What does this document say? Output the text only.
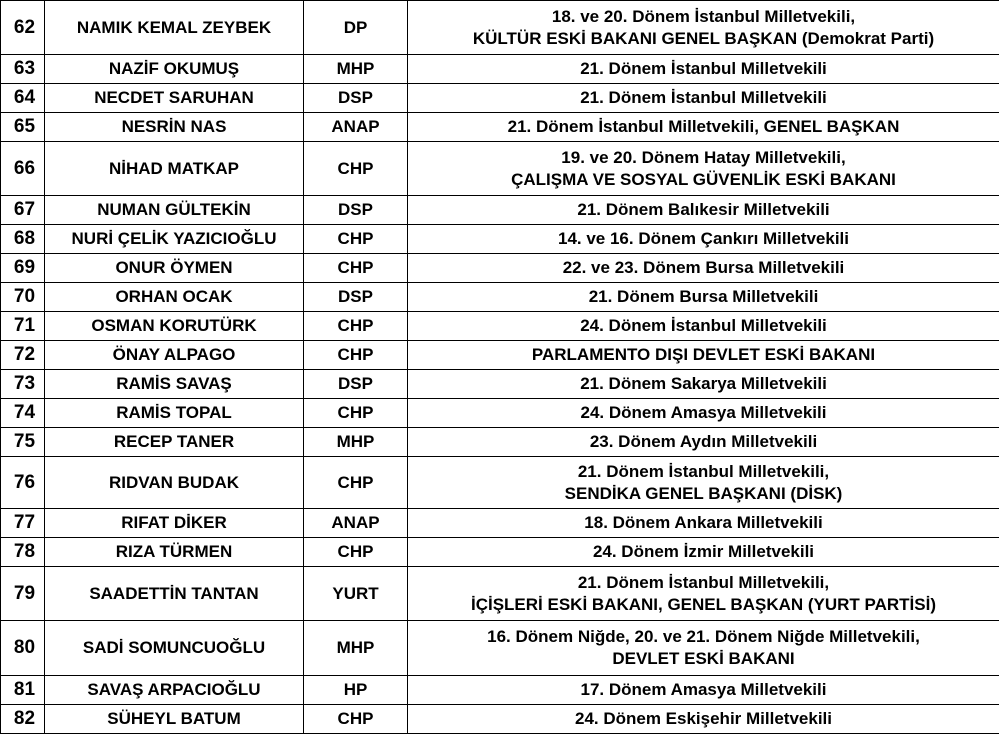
62	NAMIK KEMAL ZEYBEK	DP	18. ve 20. Dönem İstanbul Milletvekili,
KÜLTÜR ESKİ BAKANI GENEL BAŞKAN (Demokrat Parti)

63	NAZİF OKUMUŞ	MHP	21. Dönem İstanbul Milletvekili

64	NECDET SARUHAN	DSP	21. Dönem İstanbul Milletvekili

65	NESRİN NAS	ANAP	21. Dönem İstanbul Milletvekili, GENEL BAŞKAN

66	NİHAD MATKAP	CHP	19. ve 20. Dönem Hatay Milletvekili,
ÇALIŞMA VE SOSYAL GÜVENLİK ESKİ BAKANI

67	NUMAN GÜLTEKİN	DSP	21. Dönem Balıkesir Milletvekili

68	NURİ ÇELİK YAZICIOĞLU	CHP	14. ve 16. Dönem Çankırı Milletvekili

69	ONUR ÖYMEN	CHP	22. ve 23. Dönem Bursa Milletvekili

70	ORHAN OCAK	DSP	21. Dönem Bursa Milletvekili

71	OSMAN KORUTÜRK	CHP	24. Dönem İstanbul Milletvekili

72	ÖNAY ALPAGO	CHP	PARLAMENTO DIŞI DEVLET ESKİ BAKANI

73	RAMİS SAVAŞ	DSP	21. Dönem Sakarya Milletvekili

74	RAMİS TOPAL	CHP	24. Dönem Amasya Milletvekili

75	RECEP TANER	MHP	23. Dönem Aydın Milletvekili

76	RIDVAN BUDAK	CHP	21. Dönem İstanbul Milletvekili,
SENDİKA GENEL BAŞKANI (DİSK)

77	RIFAT DİKER	ANAP	18. Dönem Ankara Milletvekili

78	RIZA TÜRMEN	CHP	24. Dönem İzmir Milletvekili

79	SAADETTİN TANTAN	YURT	21. Dönem İstanbul Milletvekili,
İÇİŞLERİ ESKİ BAKANI, GENEL BAŞKAN (YURT PARTİSİ)

80	SADİ SOMUNCUOĞLU	MHP	16. Dönem Niğde, 20. ve 21. Dönem Niğde Milletvekili,
DEVLET ESKİ BAKANI

81	SAVAŞ ARPACIOĞLU	HP	17. Dönem Amasya Milletvekili

82	SÜHEYL BATUM	CHP	24. Dönem Eskişehir Milletvekili
